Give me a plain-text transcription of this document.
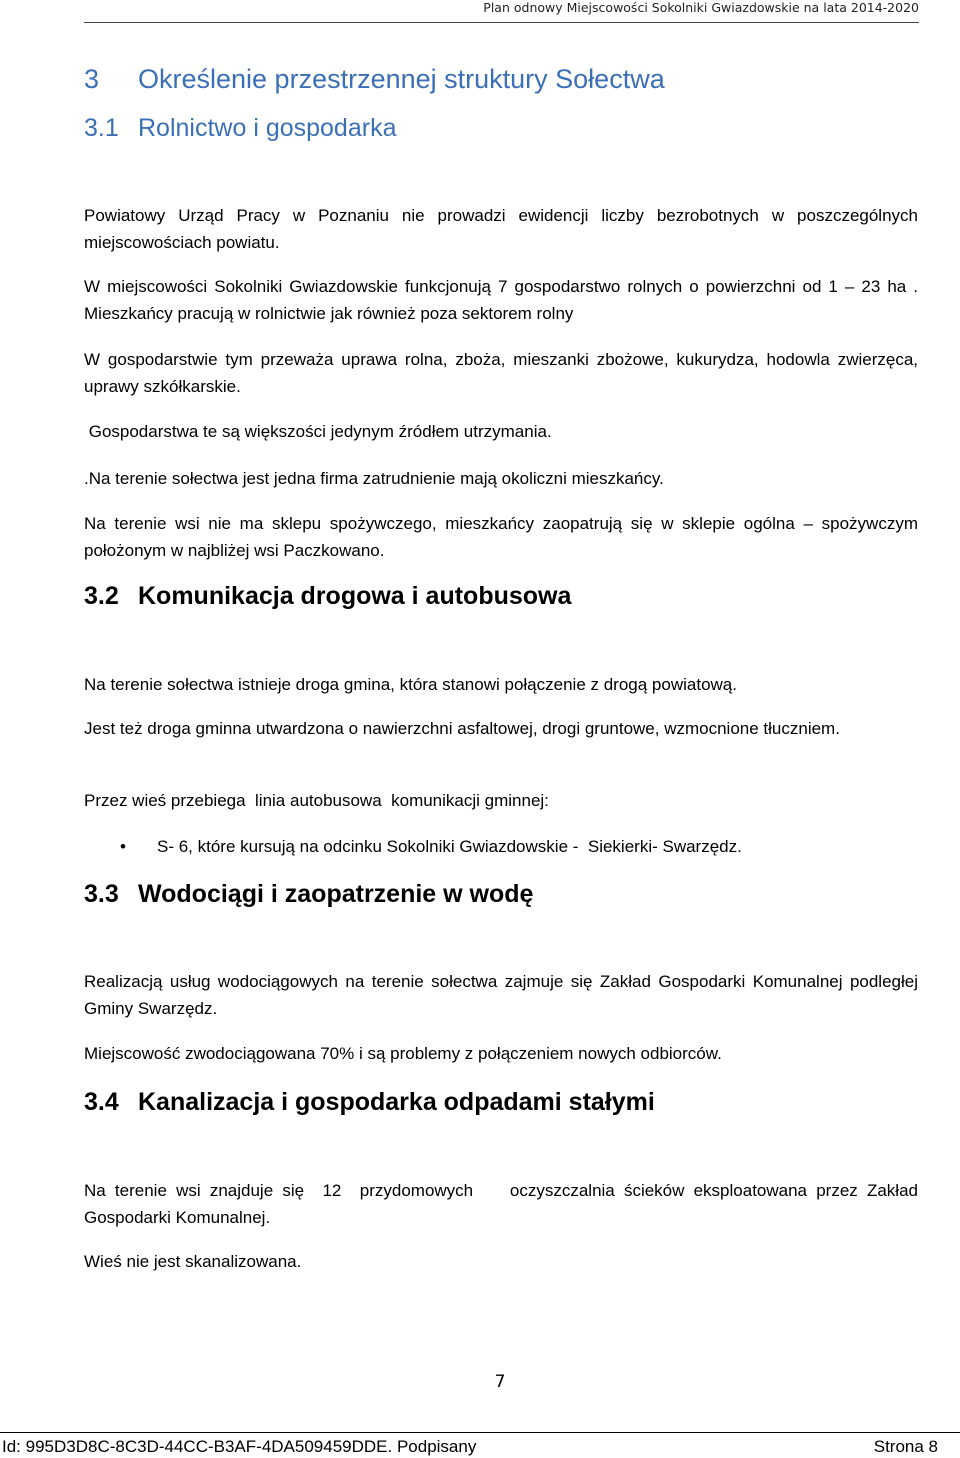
Plan odnowy Miejscowości Sokolniki Gwiazdowskie na lata 2014-2020
3 Określenie przestrzennej struktury Sołectwa
3.1 Rolnictwo i gospodarka

Powiatowy Urząd Pracy w Poznaniu nie prowadzi ewidencji liczby bezrobotnych w poszczególnych miejscowościach powiatu.

W miejscowości Sokolniki Gwiazdowskie funkcjonują 7 gospodarstwo rolnych o powierzchni od 1 – 23 ha . Mieszkańcy pracują w rolnictwie jak również poza sektorem rolny

W gospodarstwie tym przeważa uprawa rolna, zboża, mieszanki zbożowe, kukurydza, hodowla zwierzęca, uprawy szkółkarskie.

Gospodarstwa te są większości jedynym źródłem utrzymania.

.Na terenie sołectwa jest jedna firma zatrudnienie mają okoliczni mieszkańcy.

Na terenie wsi nie ma sklepu spożywczego, mieszkańcy zaopatrują się w sklepie ogólna – spożywczym położonym w najbliżej wsi Paczkowano.

3.2 Komunikacja drogowa i autobusowa

Na terenie sołectwa istnieje droga gmina, która stanowi połączenie z drogą powiatową.

Jest też droga gminna utwardzona o nawierzchni asfaltowej, drogi gruntowe, wzmocnione tłuczniem.

Przez wieś przebiega  linia autobusowa  komunikacji gminnej:

• S- 6, które kursują na odcinku Sokolniki Gwiazdowskie -  Siekierki- Swarzędz.
3.3 Wodociągi i zaopatrzenie w wodę

Realizacją usług wodociągowych na terenie sołectwa zajmuje się Zakład Gospodarki Komunalnej podległej Gminy Swarzędz.

Miejscowość zwodociągowana 70% i są problemy z połączeniem nowych odbiorców.

3.4 Kanalizacja i gospodarka odpadami stałymi

Na terenie wsi znajduje się  12  przydomowych    oczyszczalnia ścieków eksploatowana przez Zakład Gospodarki Komunalnej.

Wieś nie jest skanalizowana.

7
Id: 995D3D8C-8C3D-44CC-B3AF-4DA509459DDE. Podpisany	Strona 8
